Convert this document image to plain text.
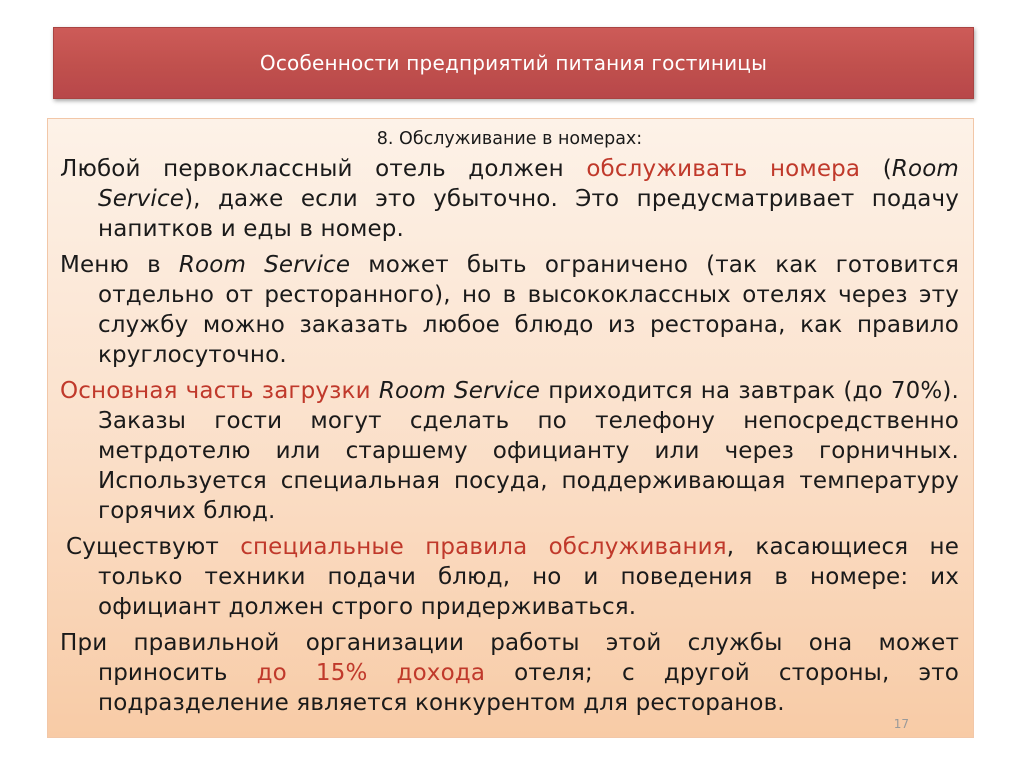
Особенности предприятий питания гостиницы
8. Обслуживание в номерах:

Любой первоклассный отель должен обслуживать номера (Room Service), даже если это убыточно. Это предусматривает подачу напитков и еды в номер.

Меню в Room Service может быть ограничено (так как готовится отдельно от ресторанного), но в высококлассных отелях через эту службу можно заказать любое блюдо из ресторана, как правило круглосуточно.

Основная часть загрузки Room Service приходится на завтрак (до 70%). Заказы гости могут сделать по телефону непосредственно метрдотелю или старшему официанту или через горничных. Используется специальная посуда, поддерживающая температуру горячих блюд.

Существуют специальные правила обслуживания, касающиеся не только техники подачи блюд, но и поведения в номере: их официант должен строго придерживаться.

При правильной организации работы этой службы она может приносить до 15% дохода отеля; с другой стороны, это подразделение является конкурентом для ресторанов.

17
